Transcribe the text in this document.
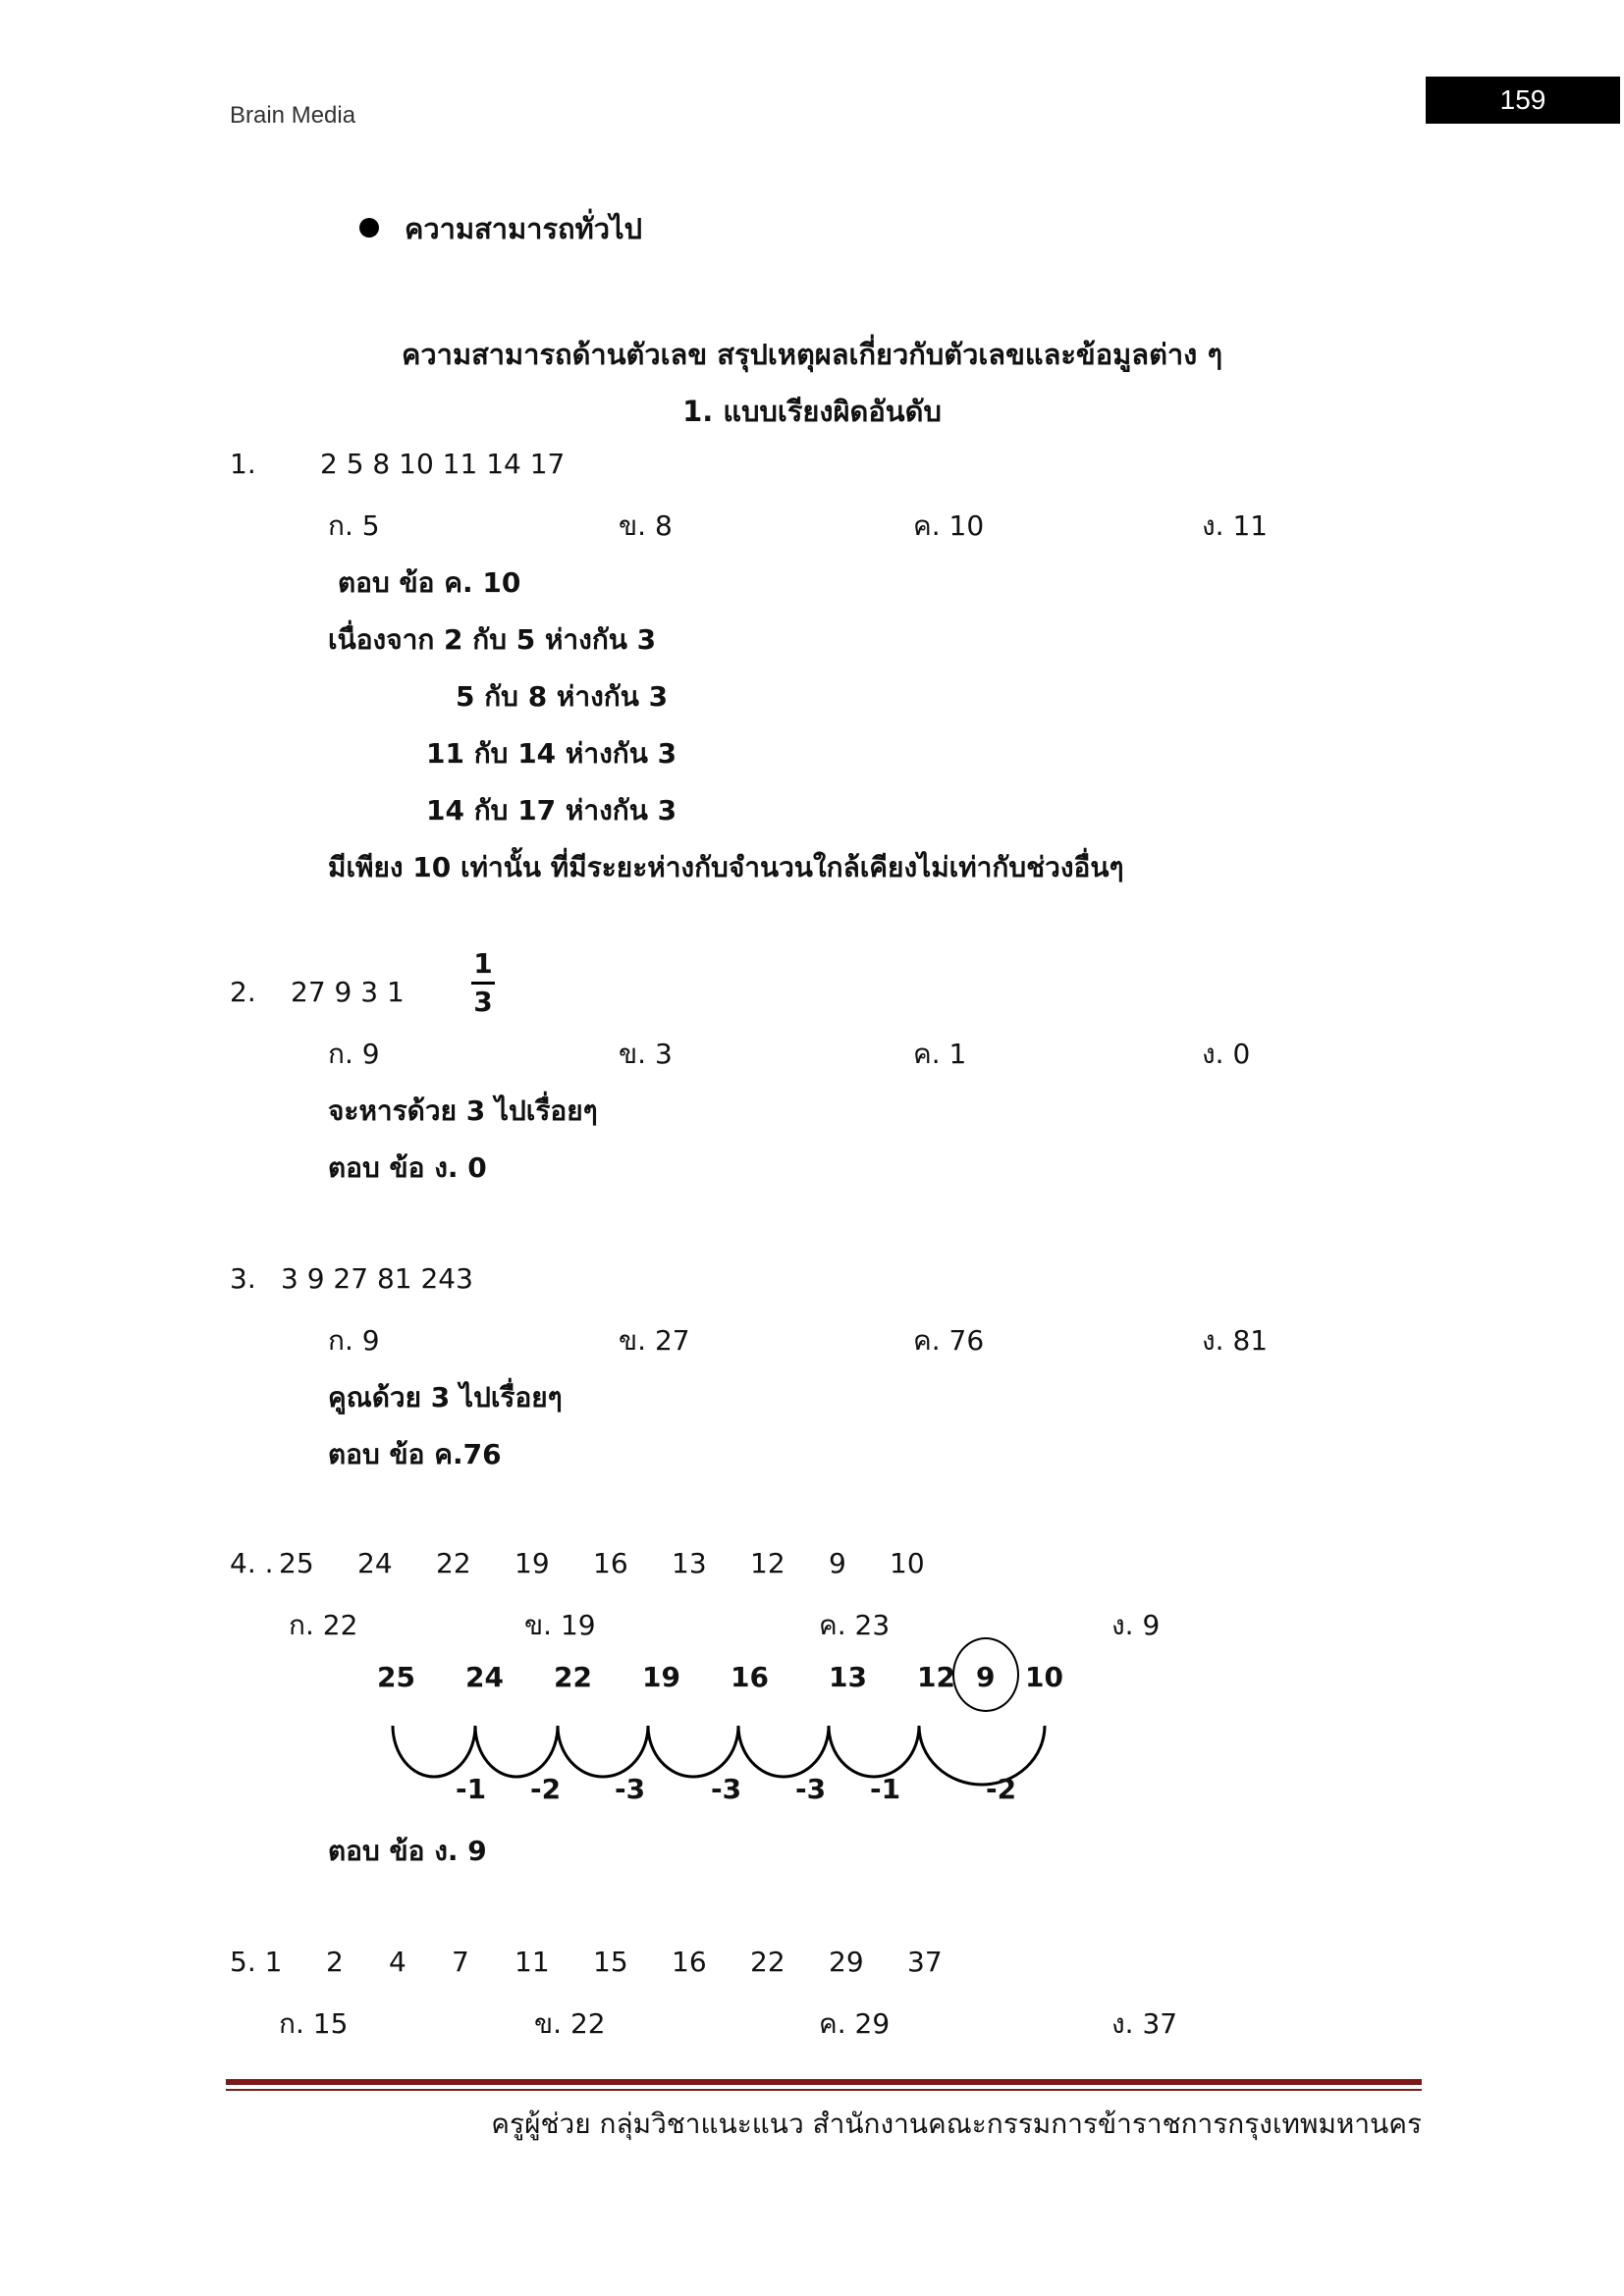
Brain Media
159
ความสามารถทั่วไป
ความสามารถด้านตัวเลข สรุปเหตุผลเกี่ยวกับตัวเลขและข้อมูลต่าง ๆ
1. แบบเรียงผิดอันดับ
1. 2 5 8 10 11 14 17
ก. 5	ข. 8	ค. 10	ง. 11
ตอบ ข้อ ค. 10
เนื่องจาก 2 กับ 5 ห่างกัน 3
5 กับ 8 ห่างกัน 3
11 กับ 14 ห่างกัน 3
14 กับ 17 ห่างกัน 3
มีเพียง 10 เท่านั้น ที่มีระยะห่างกับจำนวนใกล้เคียงไม่เท่ากับช่วงอื่นๆ
2. 27 9 3 1
1
3
ก. 9	ข. 3	ค. 1	ง. 0
จะหารด้วย 3 ไปเรื่อยๆ
ตอบ ข้อ ง. 0
3. 3 9 27 81 243
ก. 9	ข. 27	ค. 76	ง. 81
คูณด้วย 3 ไปเรื่อยๆ
ตอบ ข้อ ค.76
4. . 25 24 22 19 16 13 12 9 10
ก. 22	ข. 19	ค. 23	ง. 9
25 24 22 19 16 13 12 9 10
-1 -2 -3 -3 -3 -1	-2
ตอบ ข้อ ง. 9
5. 1 2 4 7 11 15 16 22 29 37
ก. 15	ข. 22	ค. 29	ง. 37
ครูผู้ช่วย กลุ่มวิชาแนะแนว สำนักงานคณะกรรมการข้าราชการกรุงเทพมหานคร
